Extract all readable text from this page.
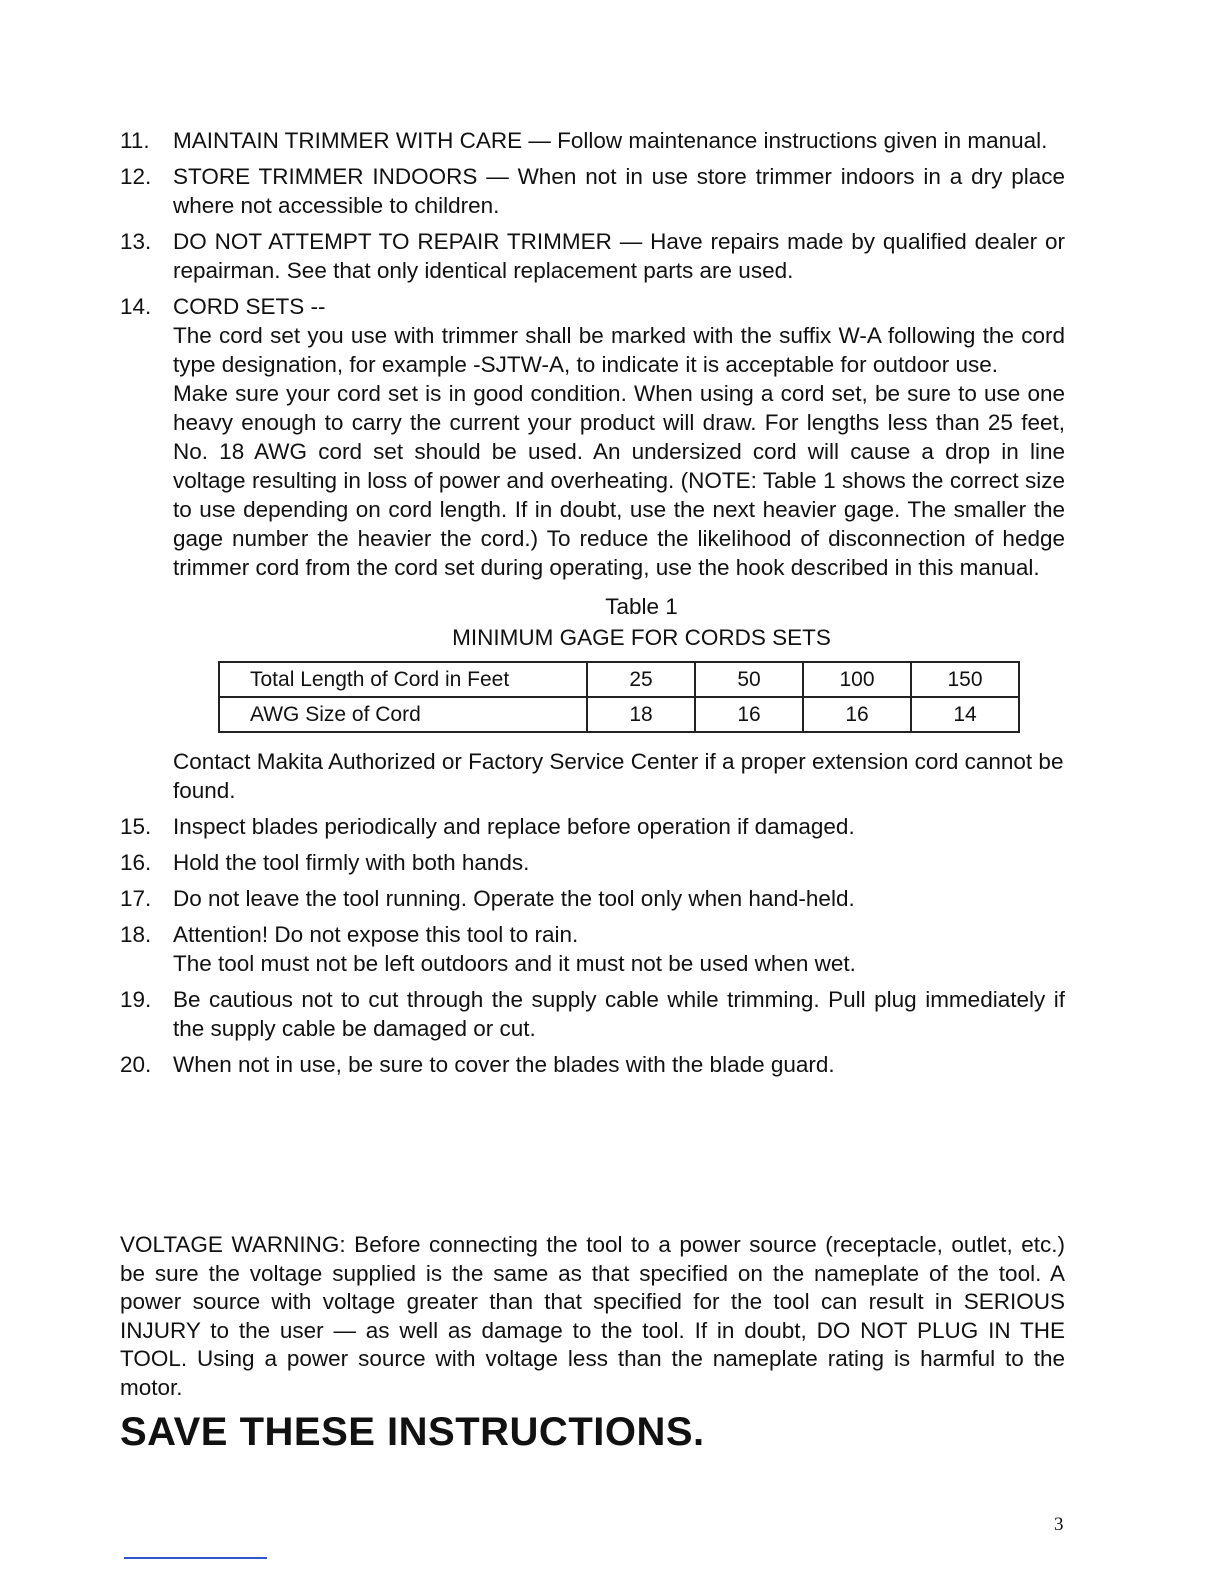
11.	MAINTAIN TRIMMER WITH CARE — Follow maintenance instructions given in manual.
12. STORE TRIMMER INDOORS — When not in use store trimmer indoors in a dry place where not accessible to children.
13. DO NOT ATTEMPT TO REPAIR TRIMMER — Have repairs made by qualified dealer or repairman. See that only identical replacement parts are used.
14. CORD SETS --

The cord set you use with trimmer shall be marked with the suffix W-A following the cord type designation, for example -SJTW-A, to indicate it is acceptable for outdoor use.

Make sure your cord set is in good condition. When using a cord set, be sure to use one heavy enough to carry the current your product will draw. For lengths less than 25 feet, No. 18 AWG cord set should be used. An undersized cord will cause a drop in line voltage resulting in loss of power and overheating. (NOTE: Table 1 shows the correct size to use depending on cord length. If in doubt, use the next heavier gage. The smaller the gage number the heavier the cord.) To reduce the likelihood of disconnection of hedge trimmer cord from the cord set during operating, use the hook described in this manual.

Table 1
MINIMUM GAGE FOR CORDS SETS
Total Length of Cord in Feet	25	50	100	150
AWG Size of Cord	18	16	16	14
Contact Makita Authorized or Factory Service Center if a proper extension cord cannot be found.
15. Inspect blades periodically and replace before operation if damaged.
16. Hold the tool firmly with both hands.
17. Do not leave the tool running. Operate the tool only when hand-held.
18. Attention! Do not expose this tool to rain.

The tool must not be left outdoors and it must not be used when wet.

19. Be cautious not to cut through the supply cable while trimming. Pull plug immediately if the supply cable be damaged or cut.
20. When not in use, be sure to cover the blades with the blade guard.
VOLTAGE WARNING: Before connecting the tool to a power source (receptacle, outlet, etc.) be sure the voltage supplied is the same as that specified on the nameplate of the tool. A power source with voltage greater than that specified for the tool can result in SERIOUS INJURY to the user — as well as damage to the tool. If in doubt, DO NOT PLUG IN THE TOOL. Using a power source with voltage less than the nameplate rating is harmful to the motor.
SAVE THESE INSTRUCTIONS.
3
